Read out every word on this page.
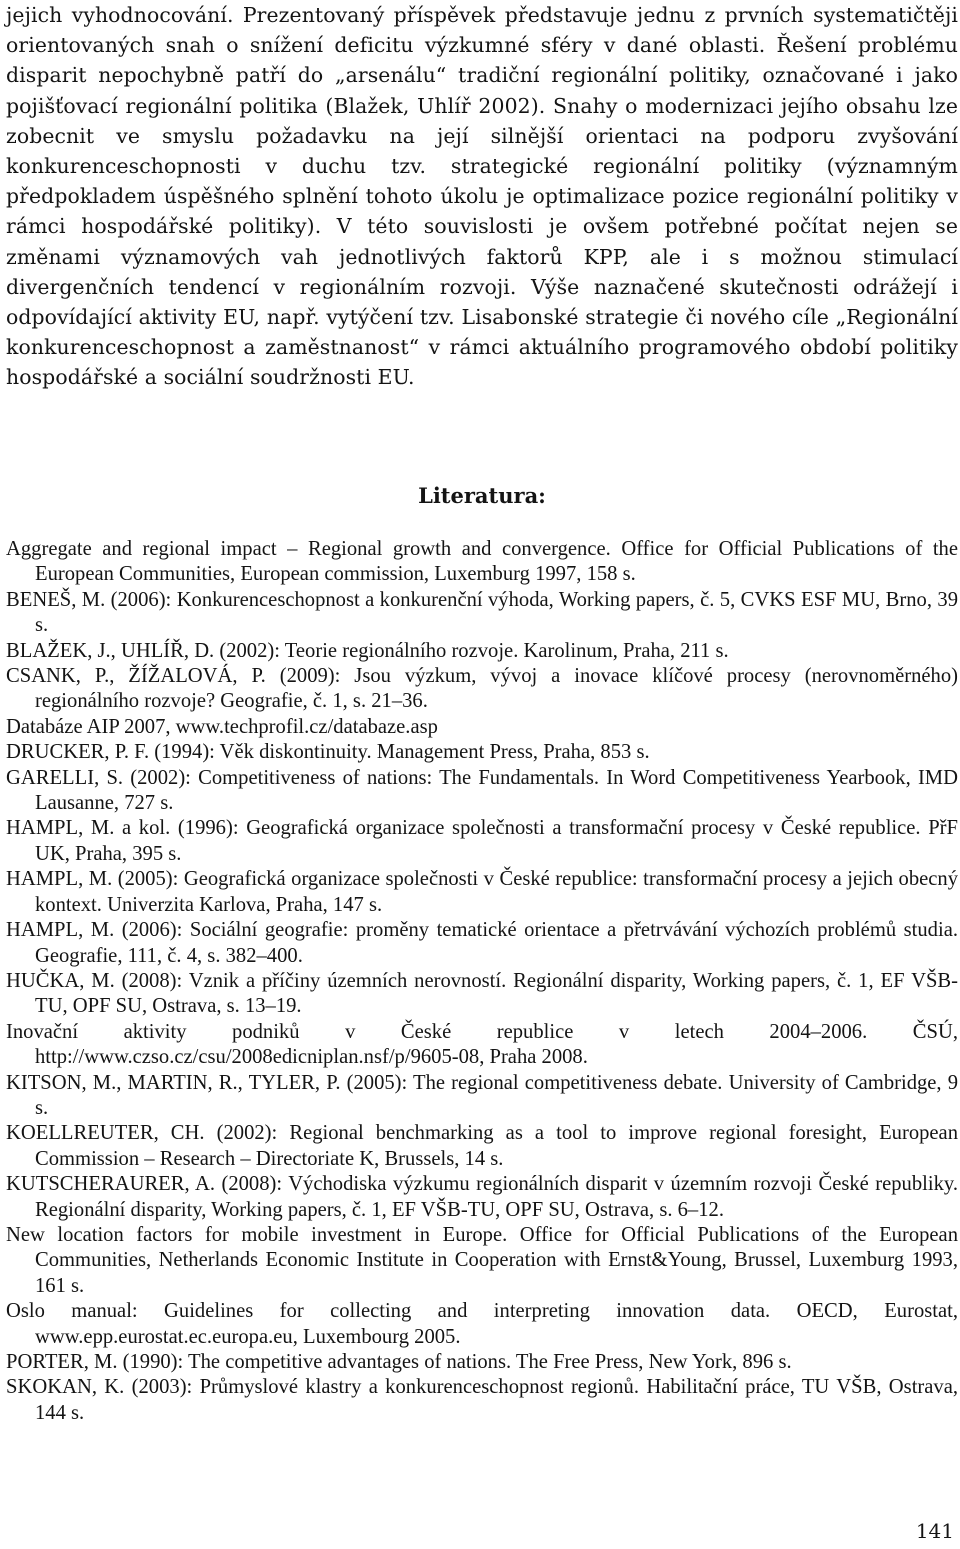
jejich vyhodnocování. Prezentovaný příspěvek představuje jednu z prvních systematičtěji orientovaných snah o snížení deficitu výzkumné sféry v dané oblasti. Řešení problému disparit nepochybně patří do „arsenálu“ tradiční regionální politiky, označované i jako pojišťovací regionální politika (Blažek, Uhlíř 2002). Snahy o modernizaci jejího obsahu lze zobecnit ve smyslu požadavku na její silnější orientaci na podporu zvyšování konkurenceschopnosti v duchu tzv. strategické regionální politiky (významným předpokladem úspěšného splnění tohoto úkolu je optimalizace pozice regionální politiky v rámci hospodářské politiky). V této souvislosti je ovšem potřebné počítat nejen se změnami významových vah jednotlivých faktorů KPP, ale i s možnou stimulací divergenčních tendencí v regionálním rozvoji. Výše naznačené skutečnosti odrážejí i odpovídající aktivity EU, např. vytýčení tzv. Lisabonské strategie či nového cíle „Regionální konkurenceschopnost a zaměstnanost“ v rámci aktuálního programového období politiky hospodářské a sociální soudržnosti EU.

Literatura:
Aggregate and regional impact – Regional growth and convergence. Office for Official Publications of the European Communities, European commission, Luxemburg 1997, 158 s.
BENEŠ, M. (2006): Konkurenceschopnost a konkurenční výhoda, Working papers, č. 5, CVKS ESF MU, Brno, 39 s.
BLAŽEK, J., UHLÍŘ, D. (2002): Teorie regionálního rozvoje. Karolinum, Praha, 211 s.
CSANK, P., ŽÍŽALOVÁ, P. (2009): Jsou výzkum, vývoj a inovace klíčové procesy (nerovnoměrného) regionálního rozvoje? Geografie, č. 1, s. 21–36.
Databáze AIP 2007, www.techprofil.cz/databaze.asp
DRUCKER, P. F. (1994): Věk diskontinuity. Management Press, Praha, 853 s.
GARELLI, S. (2002): Competitiveness of nations: The Fundamentals. In Word Competitiveness Yearbook, IMD Lausanne, 727 s.
HAMPL, M. a kol. (1996): Geografická organizace společnosti a transformační procesy v České republice. PřF UK, Praha, 395 s.
HAMPL, M. (2005): Geografická organizace společnosti v České republice: transformační procesy a jejich obecný kontext. Univerzita Karlova, Praha, 147 s.
HAMPL, M. (2006): Sociální geografie: proměny tematické orientace a přetrvávání výchozích problémů studia. Geografie, 111, č. 4, s. 382–400.
HUČKA, M. (2008): Vznik a příčiny územních nerovností. Regionální disparity, Working papers, č. 1, EF VŠB-TU, OPF SU, Ostrava, s. 13–19.
Inovační aktivity podniků v České republice v letech 2004–2006. ČSÚ, http://www.czso.cz/csu/2008edicniplan.nsf/p/9605-08, Praha 2008.
KITSON, M., MARTIN, R., TYLER, P. (2005): The regional competitiveness debate. University of Cambridge, 9 s.
KOELLREUTER, CH. (2002): Regional benchmarking as a tool to improve regional foresight, European Commission – Research – Directoriate K, Brussels, 14 s.
KUTSCHERAURER, A. (2008): Východiska výzkumu regionálních disparit v územním rozvoji České republiky. Regionální disparity, Working papers, č. 1, EF VŠB-TU, OPF SU, Ostrava, s. 6–12.
New location factors for mobile investment in Europe. Office for Official Publications of the European Communities, Netherlands Economic Institute in Cooperation with Ernst&Young, Brussel, Luxemburg 1993, 161 s.
Oslo manual: Guidelines for collecting and interpreting innovation data. OECD, Eurostat, www.epp.eurostat.ec.europa.eu, Luxembourg 2005.
PORTER, M. (1990): The competitive advantages of nations. The Free Press, New York, 896 s.
SKOKAN, K. (2003): Průmyslové klastry a konkurenceschopnost regionů. Habilitační práce, TU VŠB, Ostrava, 144 s.
141
